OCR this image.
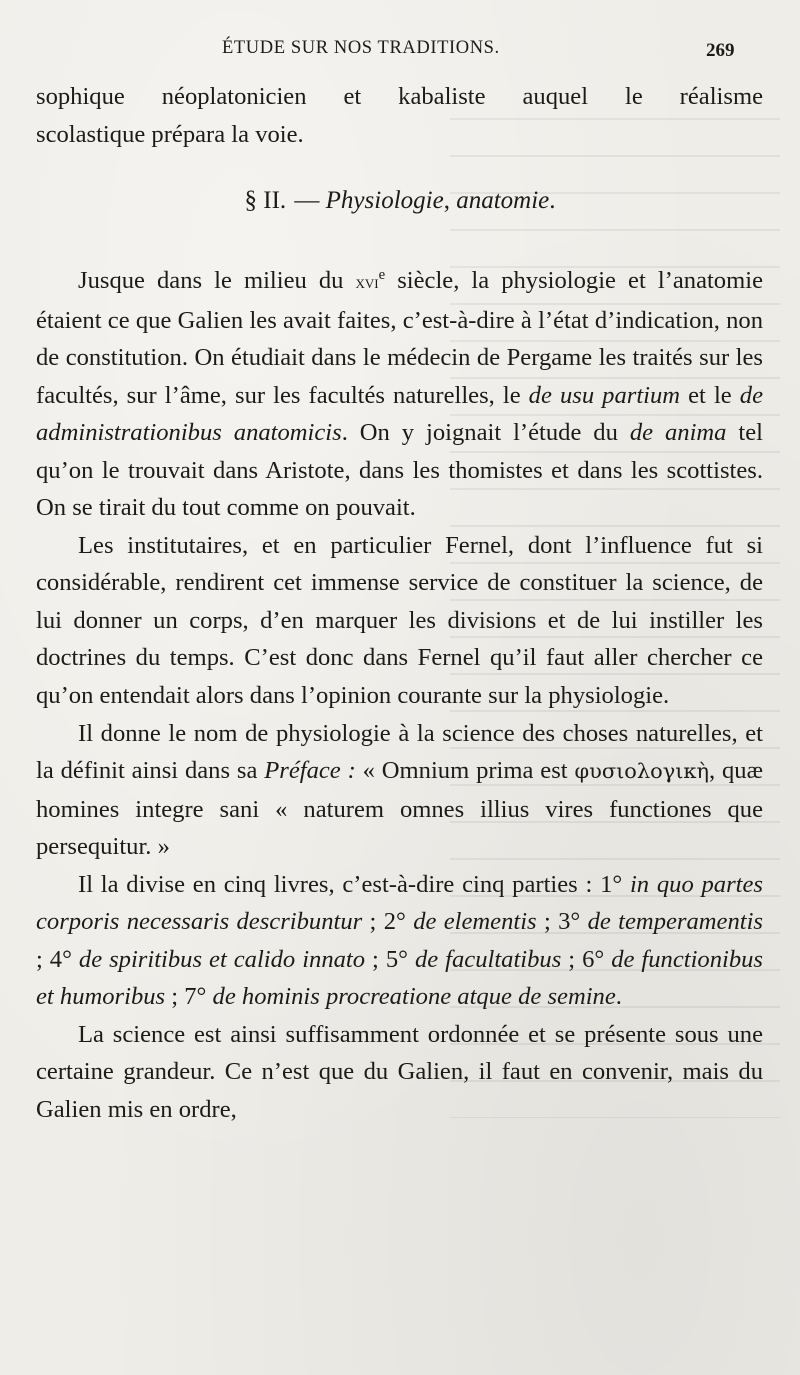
ÉTUDE SUR NOS TRADITIONS.	269

sophique néoplatonicien et kabaliste auquel le réalisme

scolastique prépara la voie.

§ II. — Physiologie, anatomie.

Jusque dans le milieu du xvi$^e$ siècle, la physiologie et l’anatomie étaient ce que Galien les avait faites, c’est-à-dire à l’état d’indication, non de constitution. On étudiait dans le médecin de Pergame les traités sur les facultés, sur l’âme, sur les facultés naturelles, le de usu partium et le de administrationibus anatomicis. On y joignait l’étude du de anima tel qu’on le trouvait dans Aristote, dans les thomistes et dans les scottistes. On se tirait du tout comme on pouvait.

Les institutaires, et en particulier Fernel, dont l’influence fut si considérable, rendirent cet immense service de constituer la science, de lui donner un corps, d’en marquer les divisions et de lui instiller les doctrines du temps. C’est donc dans Fernel qu’il faut aller chercher ce qu’on entendait alors dans l’opinion courante sur la physiologie.

Il donne le nom de physiologie à la science des choses naturelles, et la définit ainsi dans sa Préface : « Omnium prima est φυσιολογικὴ, quæ homines integre sani « naturem omnes illius vires functiones que persequitur. »

Il la divise en cinq livres, c’est-à-dire cinq parties : 1° in quo partes corporis necessaris describuntur ; 2° de elementis ; 3° de temperamentis ; 4° de spiritibus et calido innato ; 5° de facultatibus ; 6° de functionibus et humoribus ; 7° de hominis procreatione atque de semine.

La science est ainsi suffisamment ordonnée et se présente sous une certaine grandeur. Ce n’est que du Galien, il faut en convenir, mais du Galien mis en ordre,
